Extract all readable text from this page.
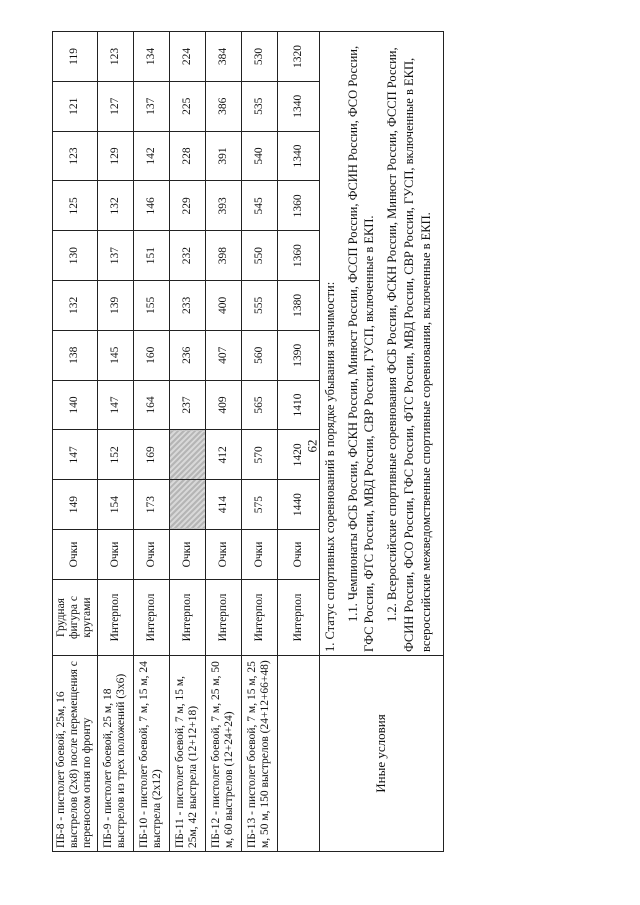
62
ПБ-8 - пистолет боевой, 25м, 16 выстрелов (2х8) после перемещения с переносом огня по фронту	Грудная фигура с кругами	Очки	149	147	140	138	132	130	125	123	121	119
ПБ-9 - пистолет боевой, 25 м, 18 выстрелов из трех положений (3х6)	Интерпол	Очки	154	152	147	145	139	137	132	129	127	123
ПБ-10 - пистолет боевой, 7 м, 15 м, 24 выстрела (2х12)	Интерпол	Очки	173	169	164	160	155	151	146	142	137	134
ПБ-11 - пистолет боевой, 7 м, 15 м, 25м, 42 выстрела (12+12+18)	Интерпол	Очки			237	236	233	232	229	228	225	224
ПБ-12 - пистолет боевой, 7 м, 25 м, 50 м, 60 выстрелов (12+24+24)	Интерпол	Очки	414	412	409	407	400	398	393	391	386	384
ПБ-13 - пистолет боевой, 7 м, 15 м, 25 м, 50 м, 150 выстрелов (24+12+66+48)	Интерпол	Очки	575	570	565	560	555	550	545	540	535	530
	Интерпол	Очки	1440	1420	1410	1390	1380	1360	1360	1340	1340	1320
Иные условия	1. Статус спортивных соревнований в порядке убывания значимости: 1.1. Чемпионаты ФСБ России, ФСКН России, Минюст России, ФССП России, ФСИН России, ФСО России, ГФС России, ФТС России, МВД России, СВР России, ГУСП, включенные в ЕКП. 1.2. Всероссийские спортивные соревнования ФСБ России, ФСКН России, Минюст России, ФССП России, ФСИН России, ФСО России, ГФС России, ФТС России, МВД России, СВР России, ГУСП, включенные в ЕКП, всероссийские межведомственные спортивные соревнования, включенные в ЕКП.											
